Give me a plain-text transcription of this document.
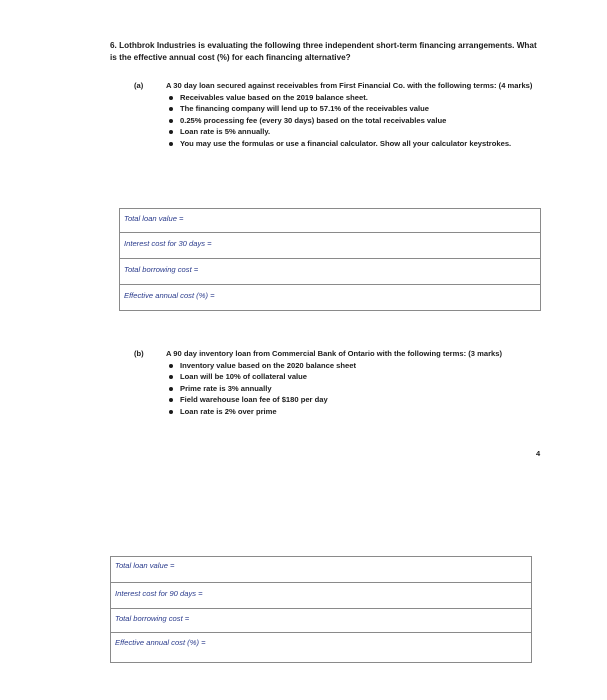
6. Lothbrok Industries is evaluating the following three independent short-term financing arrangements. What is the effective annual cost (%) for each financing alternative?
(a)	A 30 day loan secured against receivables from First Financial Co. with the following terms: (4 marks)
Receivables value based on the 2019 balance sheet.
The financing company will lend up to 57.1% of the receivables value
0.25% processing fee (every 30 days) based on the total receivables value
Loan rate is 5% annually.
You may use the formulas or use a financial calculator. Show all your calculator keystrokes.
Total loan value =
Interest cost for 30 days =
Total borrowing cost =
Effective annual cost (%) =
(b)	A 90 day inventory loan from Commercial Bank of Ontario with the following terms: (3 marks)
Inventory value based on the 2020 balance sheet
Loan will be 10% of collateral value
Prime rate is 3% annually
Field warehouse loan fee of $180 per day
Loan rate is 2% over prime
4
Total loan value =
Interest cost for 90 days =
Total borrowing cost =
Effective annual cost (%) =
